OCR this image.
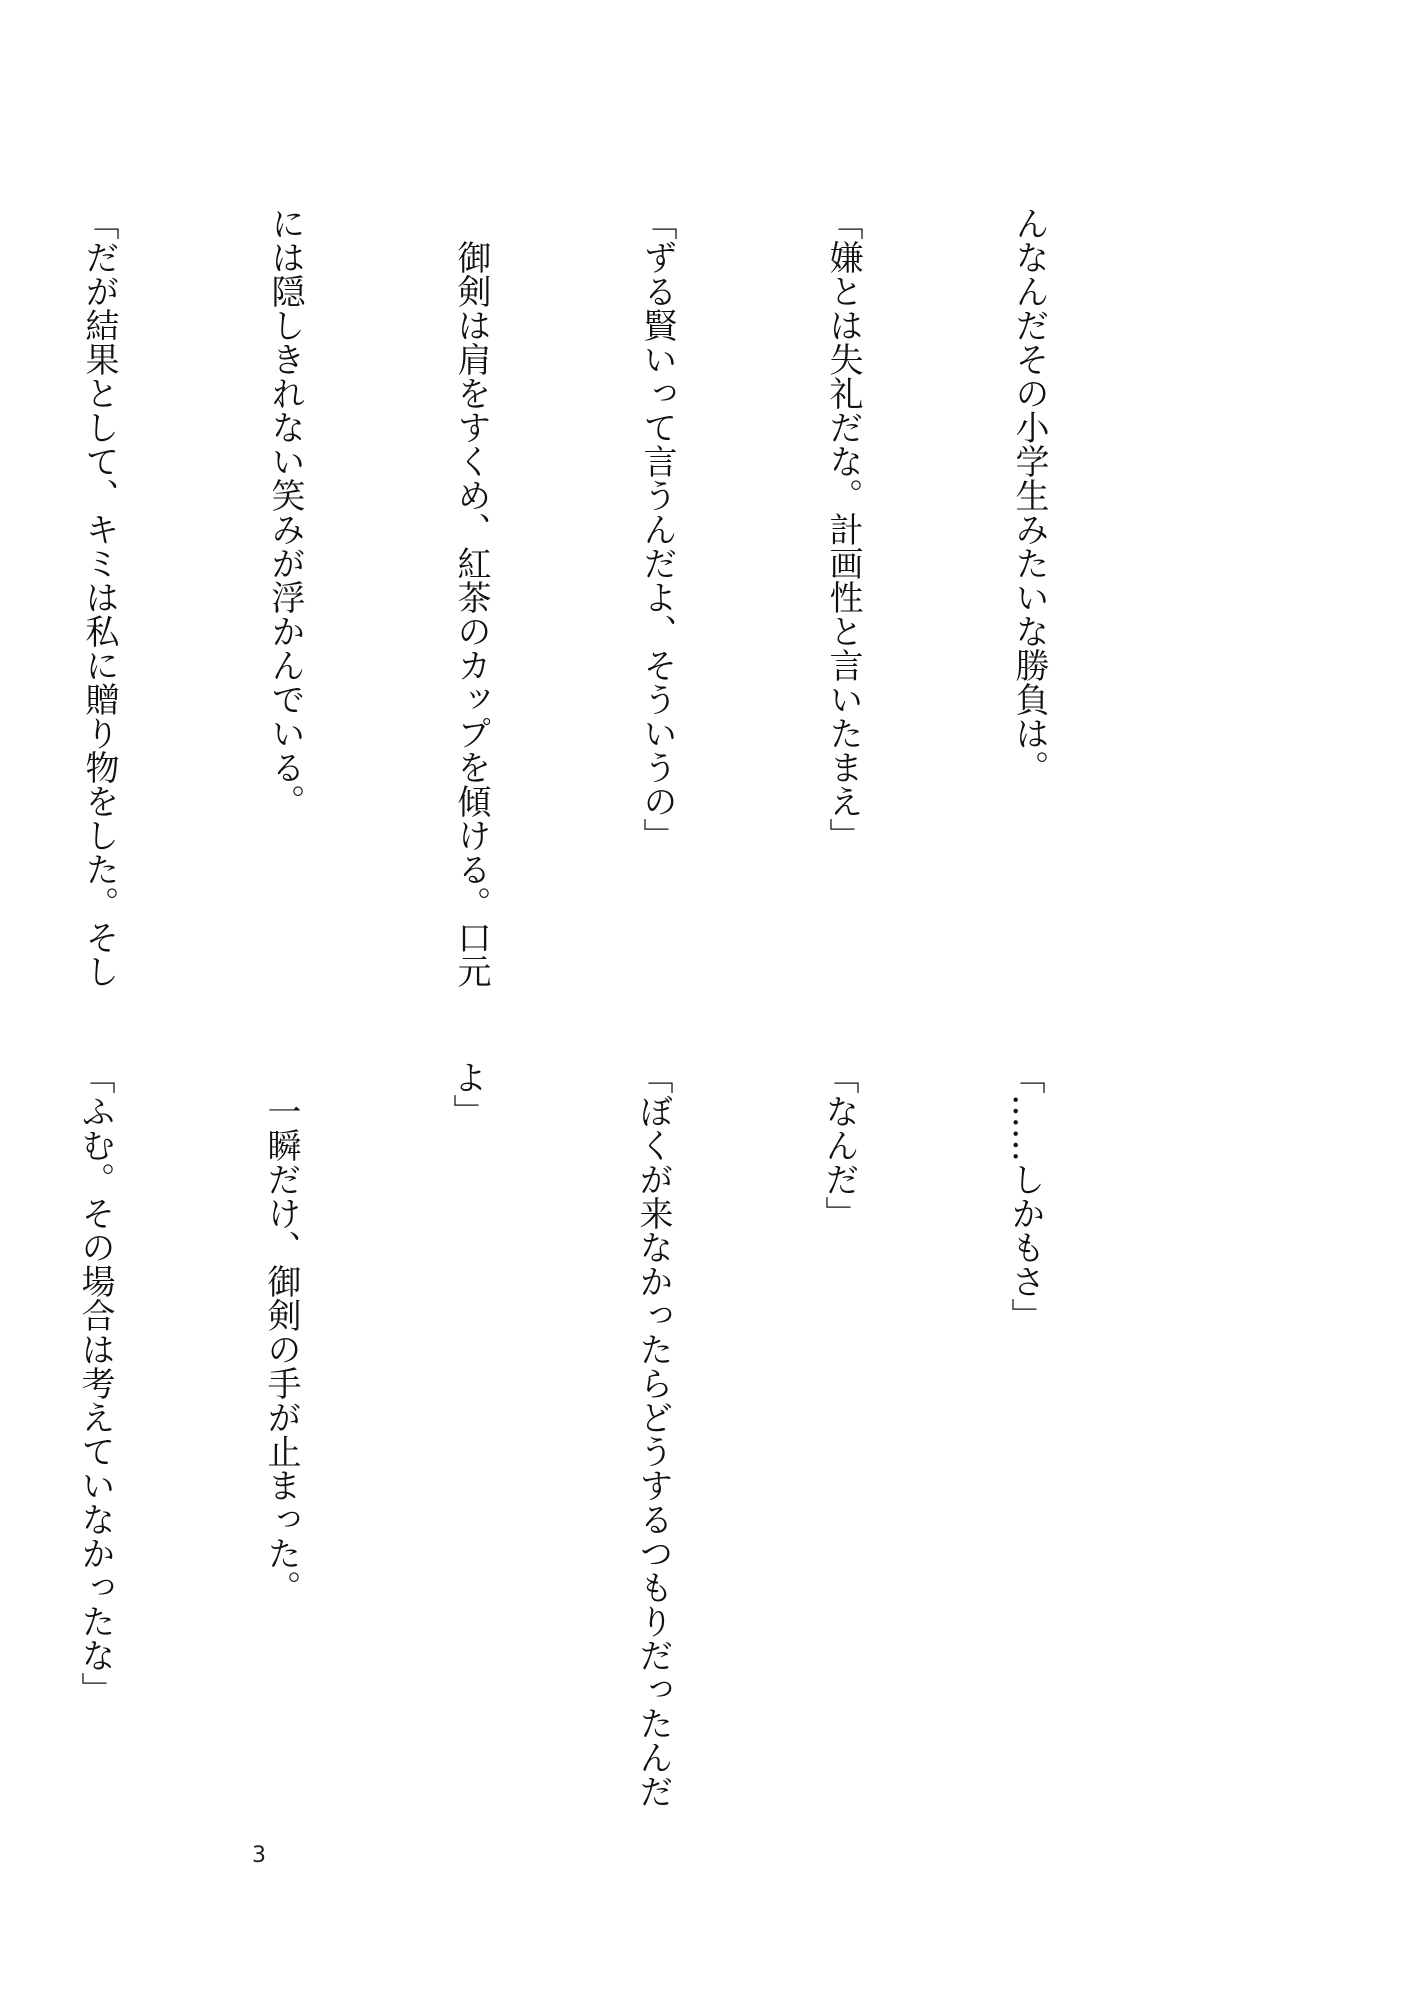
んなんだその小学生みたいな勝負は。

「嫌とは失礼だな。計画性と言いたまえ」

「ずる賢いって言うんだよ、そういうの」

　御剣は肩をすくめ、紅茶のカップを傾ける。口元

には隠しきれない笑みが浮かんでいる。

「だが結果として、キミは私に贈り物をした。そし

「……しかもさ」

「なんだ」

「ぼくが来なかったらどうするつもりだったんだ

よ」

　一瞬だけ、御剣の手が止まった。

「ふむ。その場合は考えていなかったな」

3
